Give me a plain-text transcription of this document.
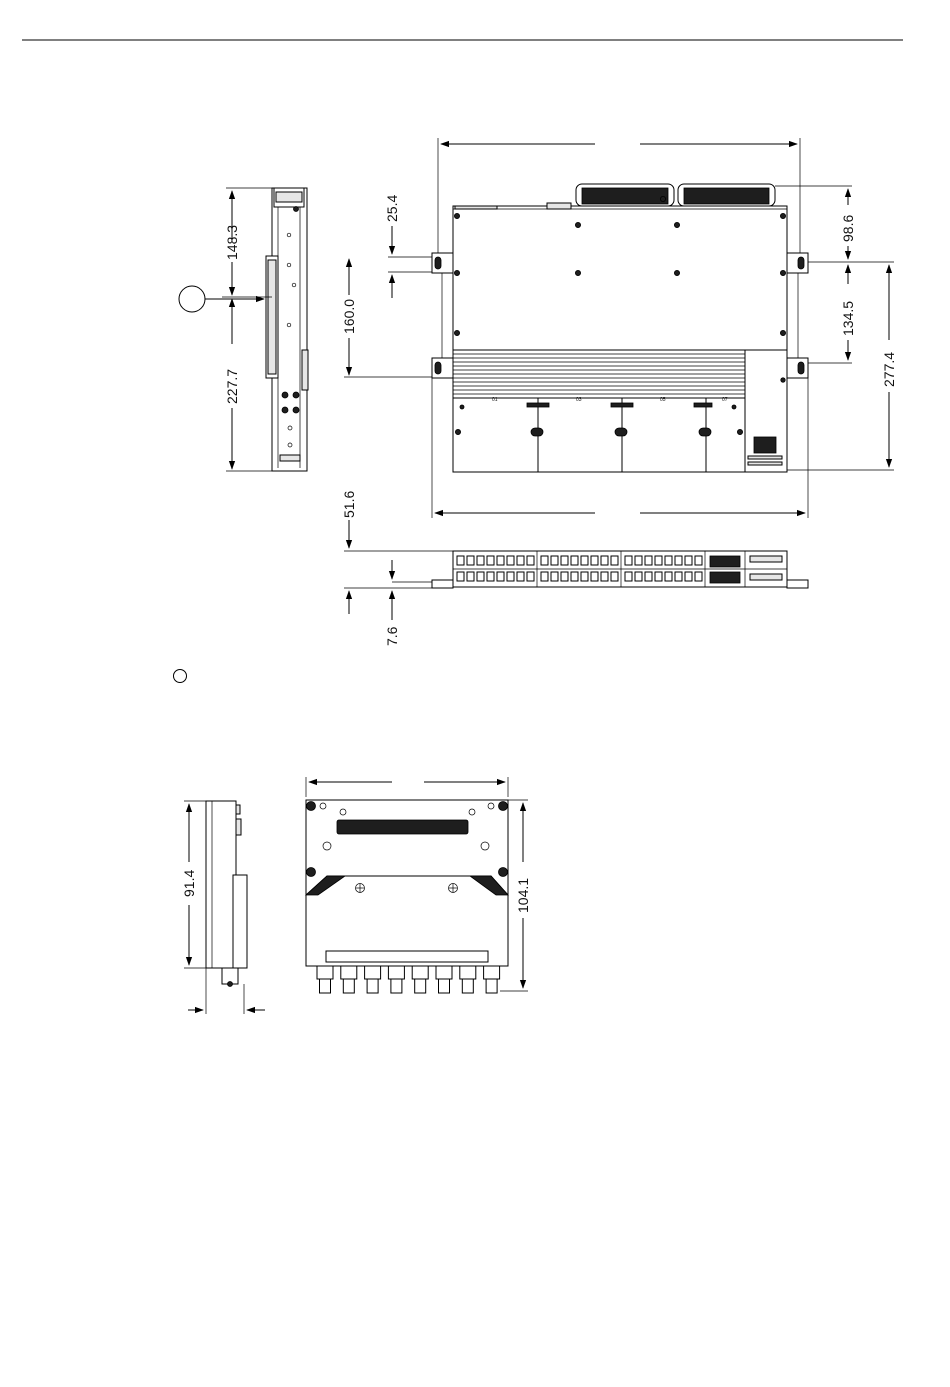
148.3
227.7	01	03	05	07
25.4
160.0
98.6
134.5
277.4
51.6
7.6
91.4	104.1
